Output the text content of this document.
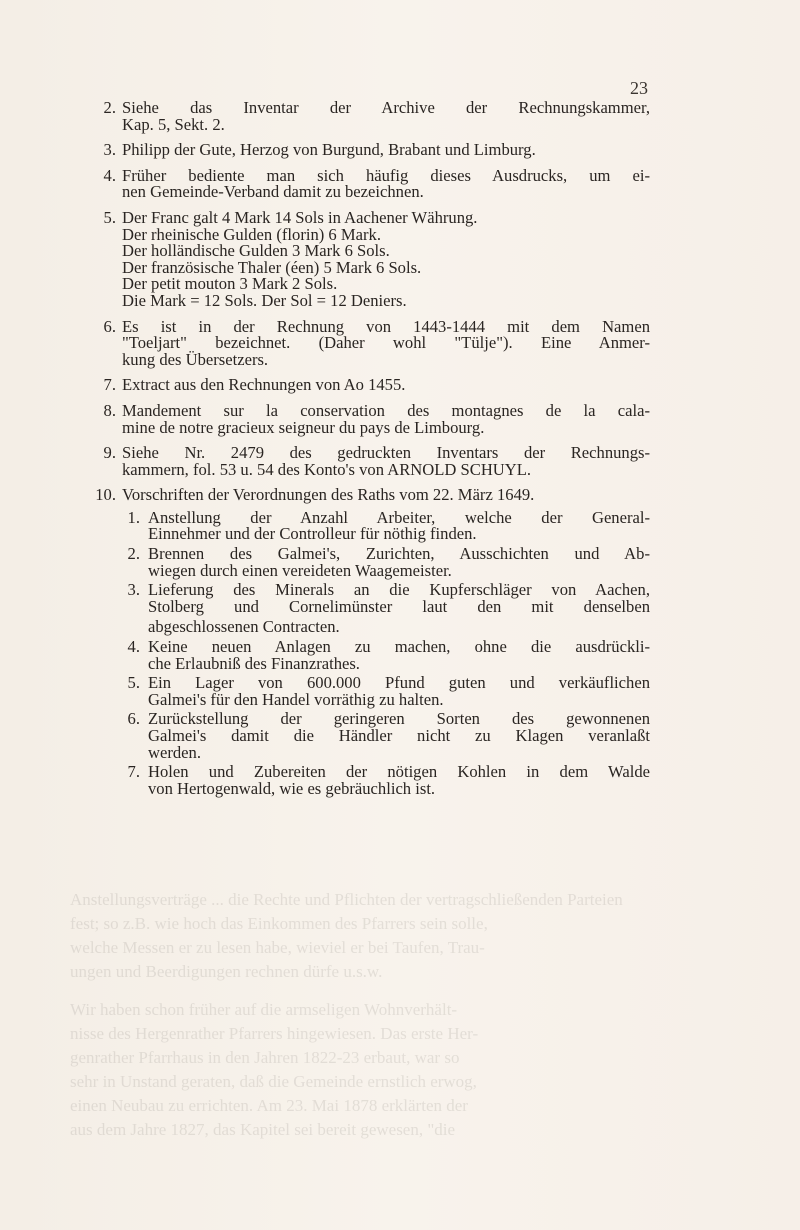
Anstellungsverträge ... die Rechte und Pflichten der vertragschließenden Parteien
fest; so z.B. wie hoch das Einkommen des Pfarrers sein solle,
welche Messen er zu lesen habe, wieviel er bei Taufen, Trau-
ungen und Beerdigungen rechnen dürfe u.s.w.
Wir haben schon früher auf die armseligen Wohnverhält-
nisse des Hergenrather Pfarrers hingewiesen. Das erste Her-
genrather Pfarrhaus in den Jahren 1822-23 erbaut, war so
sehr in Unstand geraten, daß die Gemeinde ernstlich erwog,
einen Neubau zu errichten. Am 23. Mai 1878 erklärten der
aus dem Jahre 1827, das Kapitel sei bereit gewesen, "die
23
2. Siehe das Inventar der Archive der Rechnungskammer,
Kap. 5, Sekt. 2.
3. Philipp der Gute, Herzog von Burgund, Brabant und Limburg.
4. Früher bediente man sich häufig dieses Ausdrucks, um ei-
nen Gemeinde-Verband damit zu bezeichnen.
5. Der Franc galt 4 Mark 14 Sols in Aachener Währung.
Der rheinische Gulden (florin) 6 Mark.
Der holländische Gulden 3 Mark 6 Sols.
Der französische Thaler (éen) 5 Mark 6 Sols.
Der petit mouton 3 Mark 2 Sols.
Die Mark = 12 Sols. Der Sol = 12 Deniers.
6. Es ist in der Rechnung von 1443-1444 mit dem Namen
"Toeljart" bezeichnet. (Daher wohl "Tülje"). Eine Anmer-
kung des Übersetzers.
7. Extract aus den Rechnungen von Ao 1455.
8. Mandement sur la conservation des montagnes de la cala-
mine de notre gracieux seigneur du pays de Limbourg.
9. Siehe Nr. 2479 des gedruckten Inventars der Rechnungs-
kammern, fol. 53 u. 54 des Konto's von ARNOLD SCHUYL.
10. Vorschriften der Verordnungen des Raths vom 22. März 1649.
1. Anstellung der Anzahl Arbeiter, welche der General-
Einnehmer und der Controlleur für nöthig finden.
2. Brennen des Galmei's, Zurichten, Ausschichten und Ab-
wiegen durch einen vereideten Waagemeister.
3. Lieferung des Minerals an die Kupferschläger von Aachen,
Stolberg und Cornelimünster laut den mit denselben
abgeschlossenen Contracten.
4. Keine neuen Anlagen zu machen, ohne die ausdrückli-
che Erlaubniß des Finanzrathes.
5. Ein Lager von 600.000 Pfund guten und verkäuflichen
Galmei's für den Handel vorräthig zu halten.
6. Zurückstellung der geringeren Sorten des gewonnenen
Galmei's damit die Händler nicht zu Klagen veranlaßt
werden.
7. Holen und Zubereiten der nötigen Kohlen in dem Walde
von Hertogenwald, wie es gebräuchlich ist.
